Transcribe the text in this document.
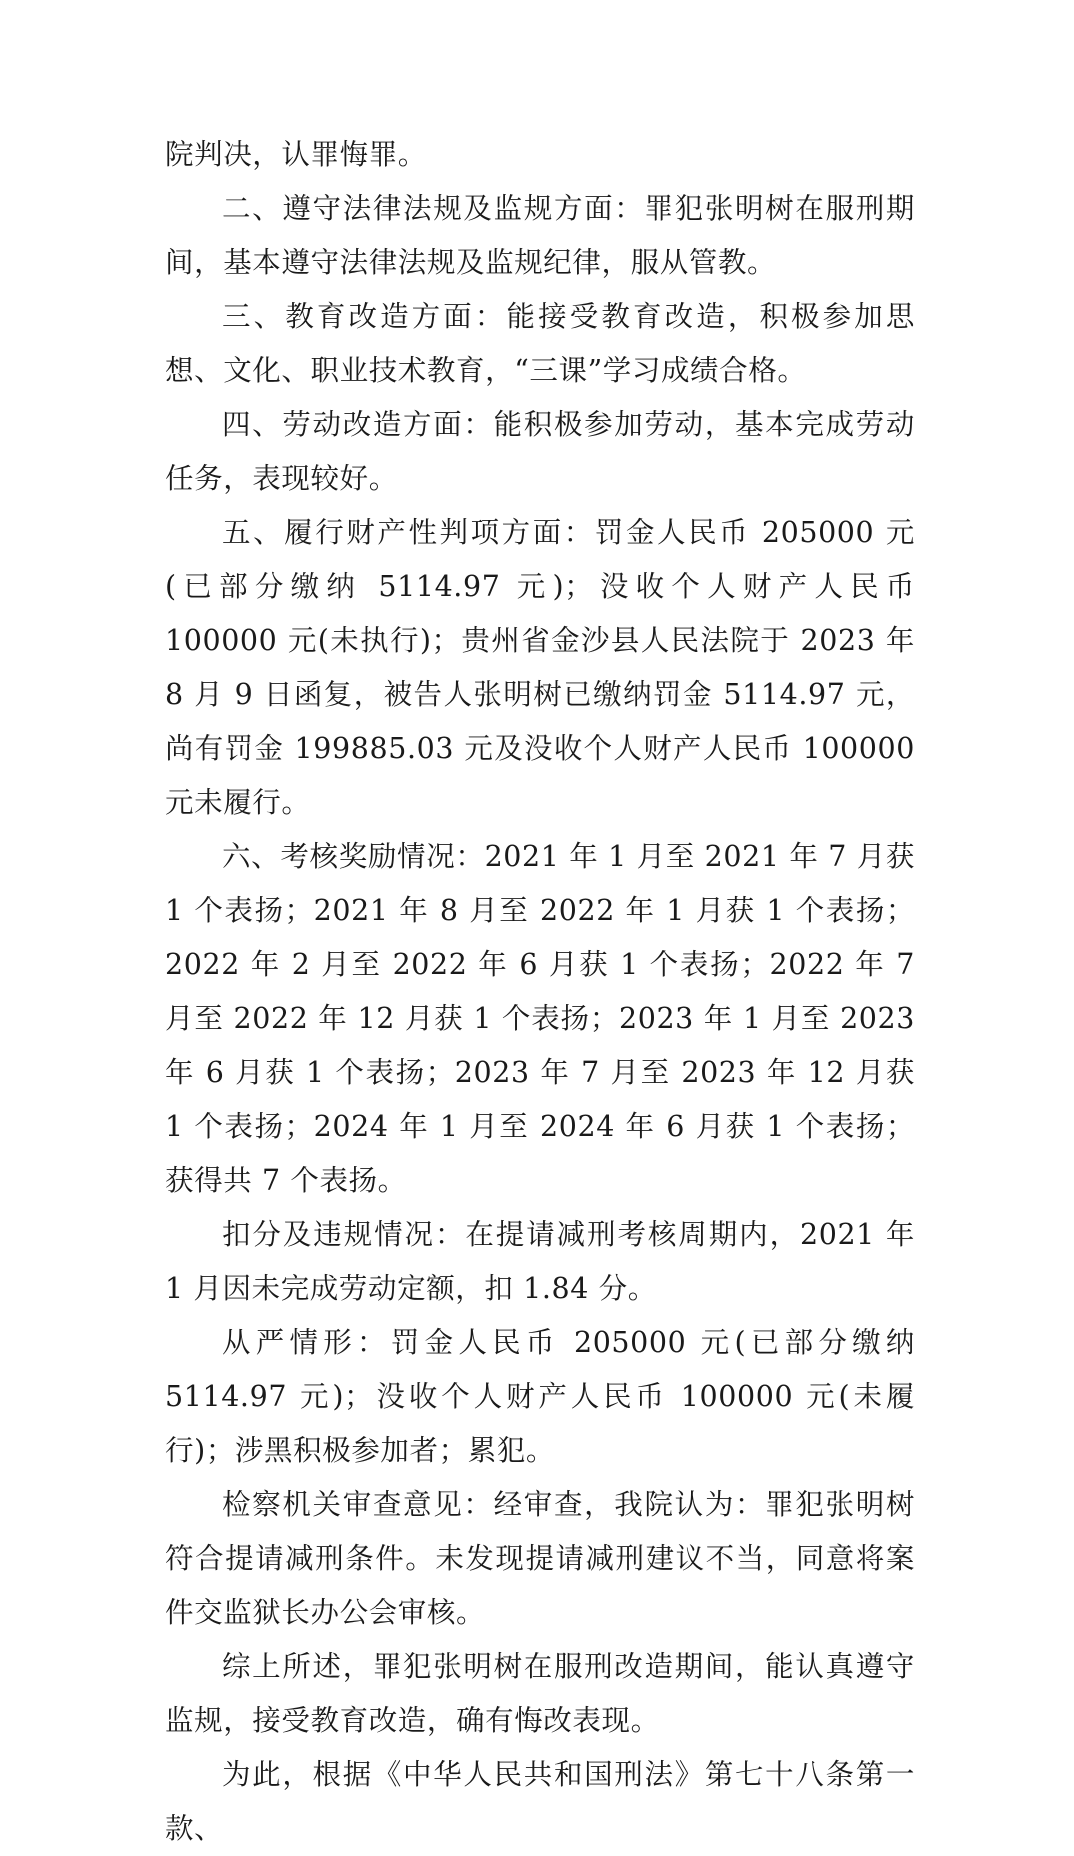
院判决，认罪悔罪。

二、遵守法律法规及监规方面：罪犯张明树在服刑期间，基本遵守法律法规及监规纪律，服从管教。

三、教育改造方面：能接受教育改造，积极参加思想、文化、职业技术教育，“三课”学习成绩合格。

四、劳动改造方面：能积极参加劳动，基本完成劳动任务，表现较好。

五、履行财产性判项方面：罚金人民币 205000 元(已部分缴纳 5114.97 元)；没收个人财产人民币 100000 元(未执行)；贵州省金沙县人民法院于 2023 年 8 月 9 日函复，被告人张明树已缴纳罚金 5114.97 元，尚有罚金 199885.03 元及没收个人财产人民币 100000 元未履行。

六、考核奖励情况：2021 年 1 月至 2021 年 7 月获 1 个表扬；2021 年 8 月至 2022 年 1 月获 1 个表扬；2022 年 2 月至 2022 年 6 月获 1 个表扬；2022 年 7 月至 2022 年 12 月获 1 个表扬；2023 年 1 月至 2023 年 6 月获 1 个表扬；2023 年 7 月至 2023 年 12 月获 1 个表扬；2024 年 1 月至 2024 年 6 月获 1 个表扬；获得共 7 个表扬。

扣分及违规情况：在提请减刑考核周期内，2021 年 1 月因未完成劳动定额，扣 1.84 分。

从严情形：罚金人民币 205000 元(已部分缴纳 5114.97 元)；没收个人财产人民币 100000 元(未履行)；涉黑积极参加者；累犯。

检察机关审查意见：经审查，我院认为：罪犯张明树符合提请减刑条件。未发现提请减刑建议不当，同意将案件交监狱长办公会审核。

综上所述，罪犯张明树在服刑改造期间，能认真遵守监规，接受教育改造，确有悔改表现。

为此，根据《中华人民共和国刑法》第七十八条第一款、
